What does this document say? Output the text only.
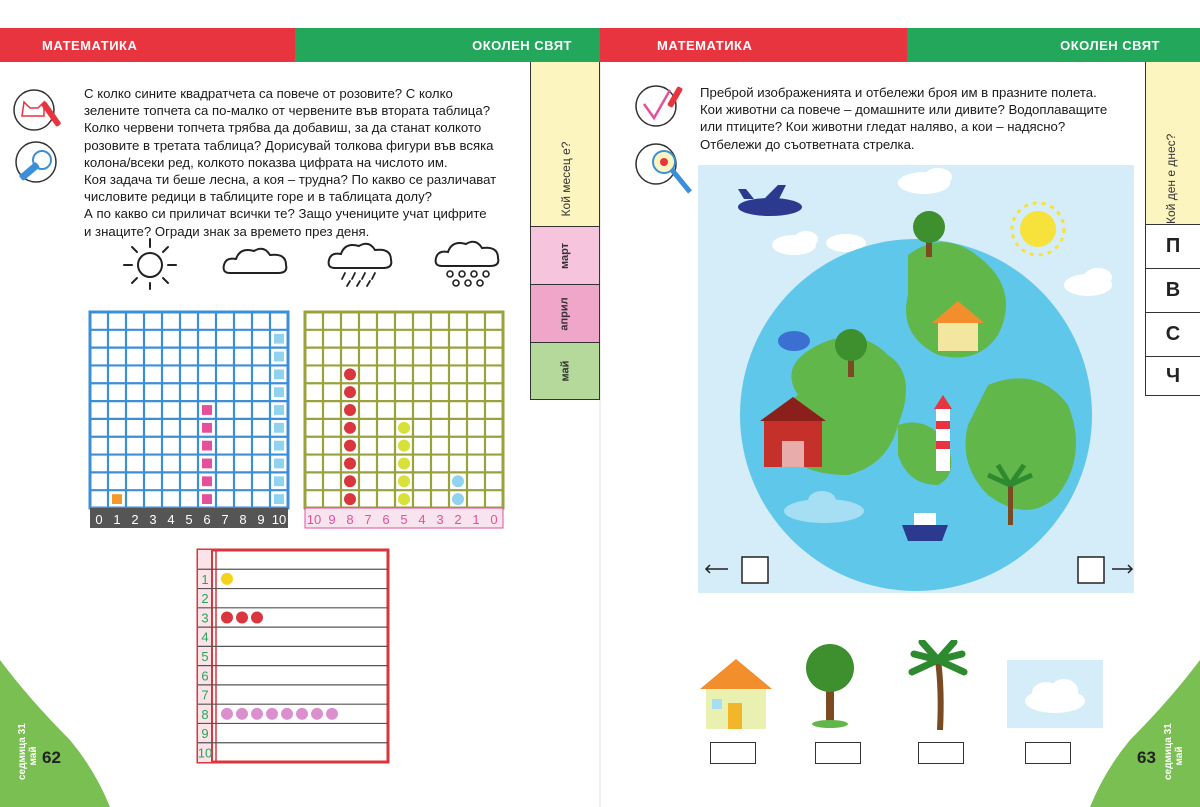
МАТЕМАТИКА	ОКОЛЕН СВЯТ	МАТЕМАТИКА	ОКОЛЕН СВЯТ
С колко сините квадратчета са повече от розовите? С колко
зелените топчета са по-малко от червените във втората таблица?
Колко червени топчета трябва да добавиш, за да станат колкото
розовите в третата таблица? Дорисувай толкова фигури във всяка
колона/всеки ред, колкото показва цифрата на числото им.
Коя задача ти беше лесна, а коя – трудна? По какво се различават
числовите редици в таблиците горе и в таблицата долу?
А по какво си приличат всички те? Защо учениците учат цифрите
и знаците? Огради знак за времето през деня.
0 1 2 3 4 5 6 7 8 9 10 10 9 8 7 6 5 4 3 2 1 0
1
2
3
4
5
6
7
8
9
10
Кой месец е?
март
април
май
седмица 31 май 62
Преброй изображенията и отбележи броя им в празните полета.
Кои животни са повече – домашните или дивите? Водоплаващите
или птиците? Кои животни гледат наляво, а кои – надясно?
Отбележи до съответната стрелка.	Кой ден е днес?
П
В
С
Ч
63 седмица 31 май
